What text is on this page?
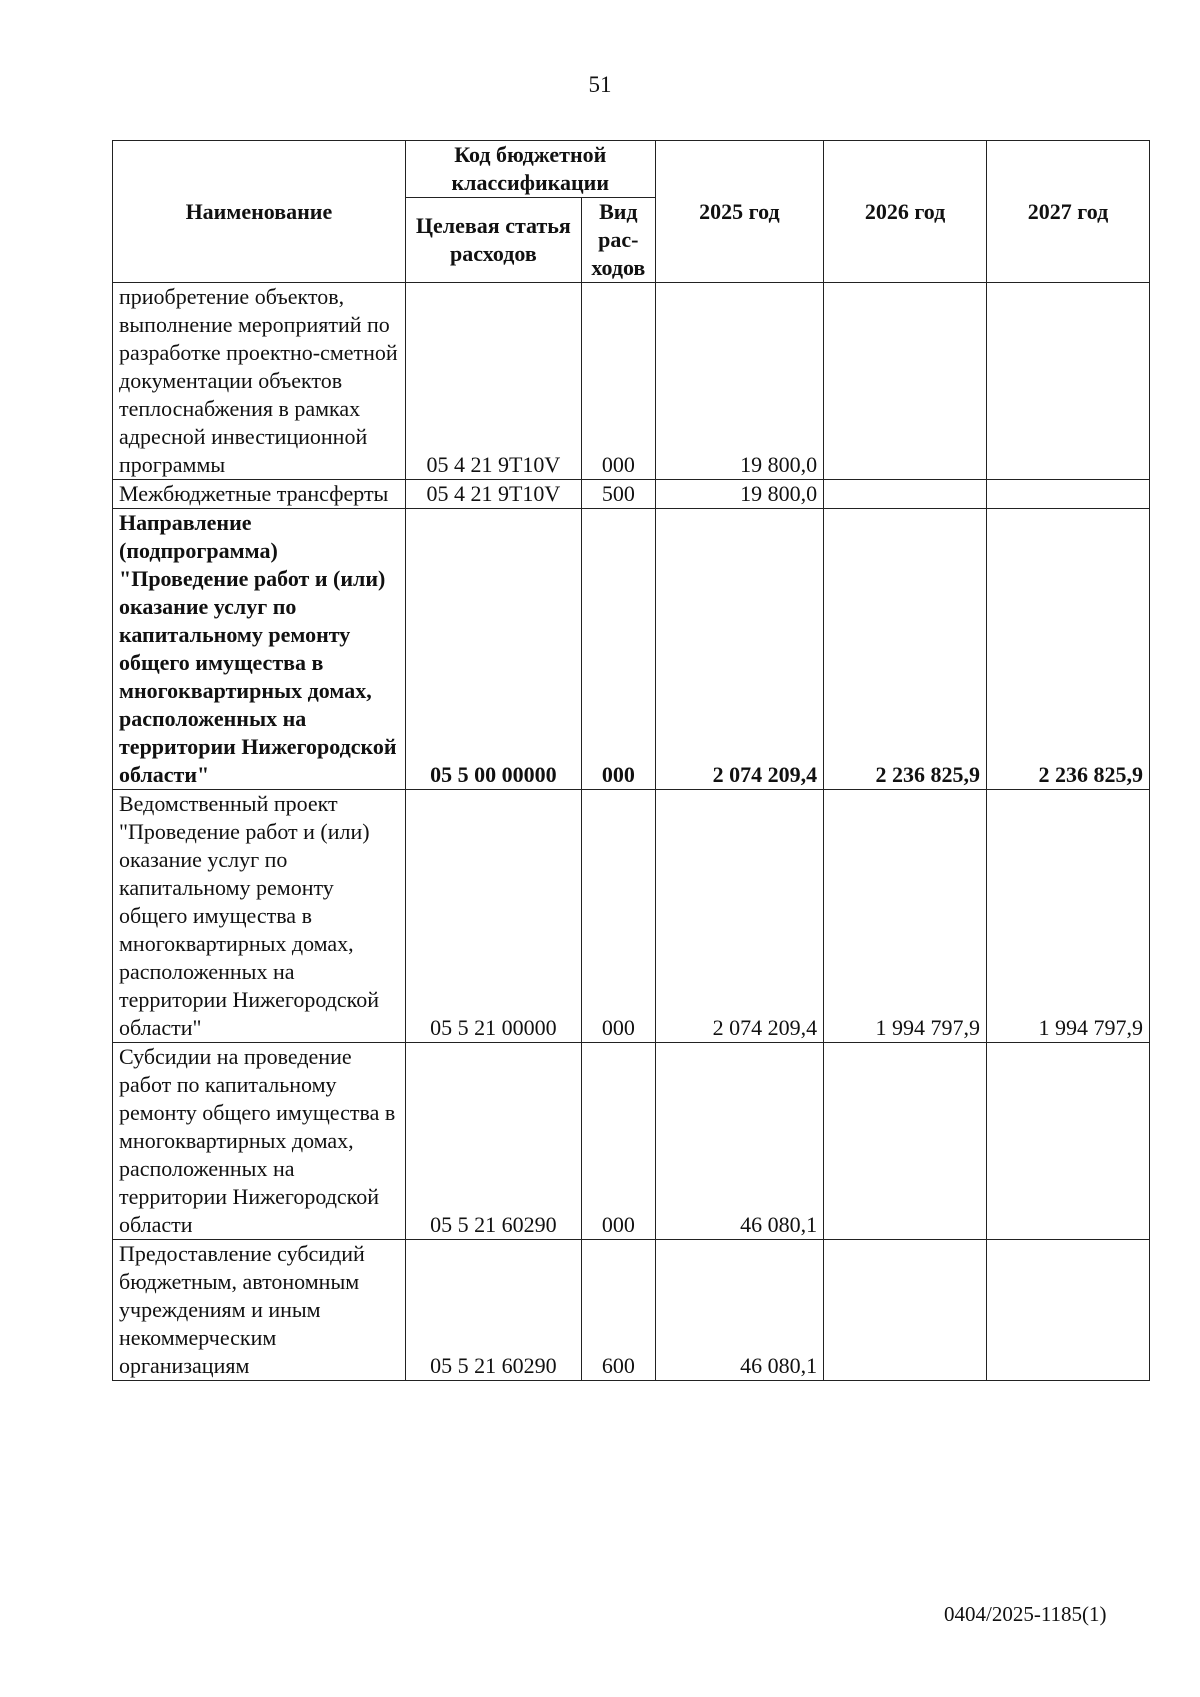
51
Наименование	Код бюджетной классификации		2025 год	2026 год	2027 год
	Целевая статья расходов	Вид рас-ходов			
приобретение объектов, выполнение мероприятий по разработке проектно-сметной документации объектов теплоснабжения в рамках адресной инвестиционной программы	05 4 21 9T10V	000	19 800,0		
Межбюджетные трансферты	05 4 21 9T10V	500	19 800,0		
Направление (подпрограмма) "Проведение работ и (или) оказание услуг по капитальному ремонту общего имущества в многоквартирных домах, расположенных на территории Нижегородской области"	05 5 00 00000	000	2 074 209,4	2 236 825,9	2 236 825,9
Ведомственный проект "Проведение работ и (или) оказание услуг по капитальному ремонту общего имущества в многоквартирных домах, расположенных на территории Нижегородской области"	05 5 21 00000	000	2 074 209,4	1 994 797,9	1 994 797,9
Субсидии на проведение работ по капитальному ремонту общего имущества в многоквартирных домах, расположенных на территории Нижегородской области	05 5 21 60290	000	46 080,1		
Предоставление субсидий бюджетным, автономным учреждениям и иным некоммерческим организациям	05 5 21 60290	600	46 080,1		
0404/2025-1185(1)
